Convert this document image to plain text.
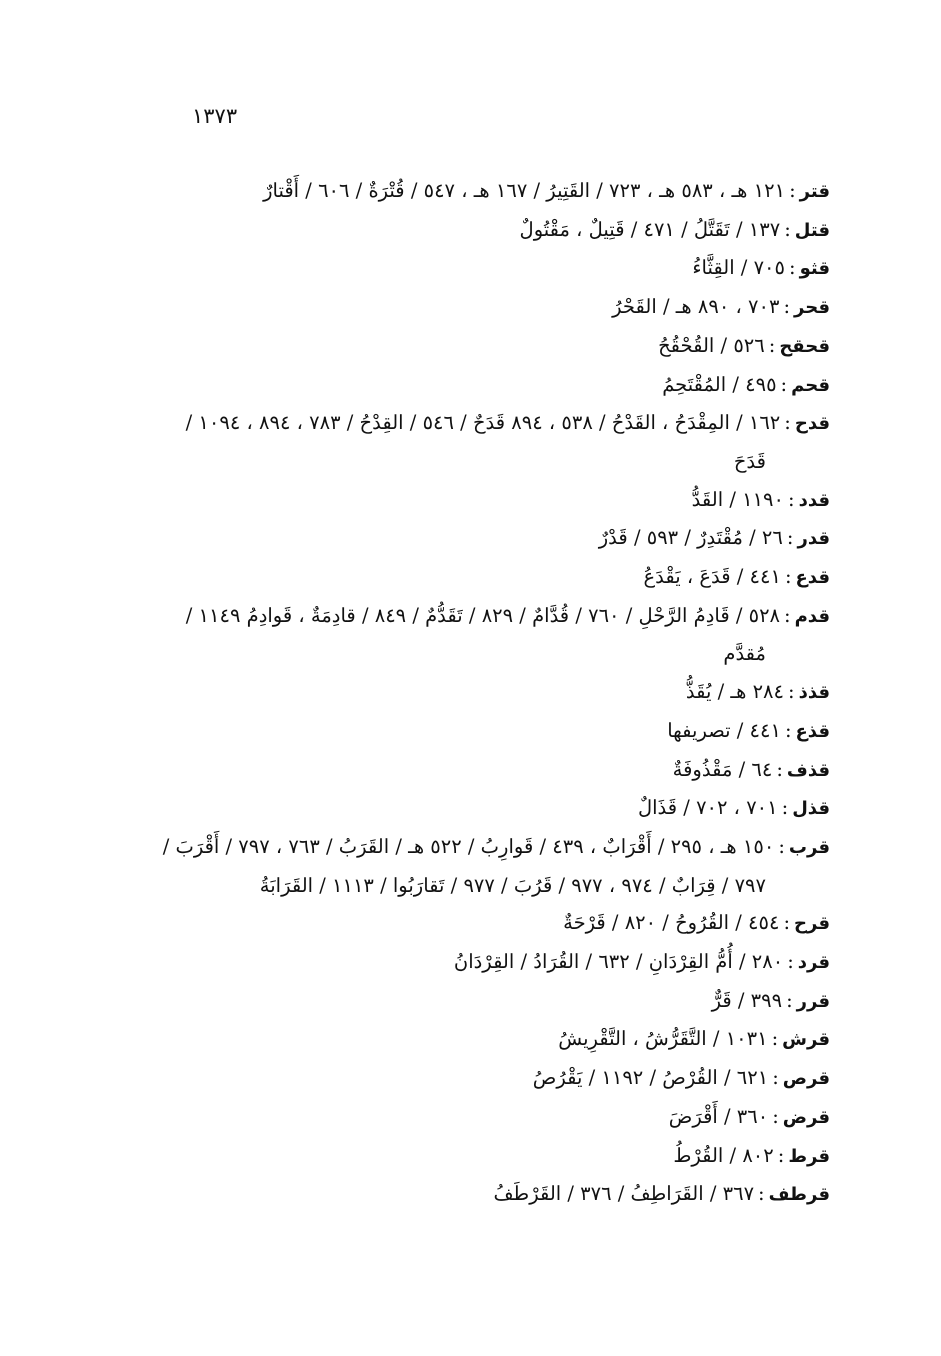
١٣٧٣
قتر:١٢١ هـ ، ٥٨٣ هـ ، ٧٢٣ / القَتِيرُ / ١٦٧ هـ ، ٥٤٧ / قُتْرَةٌ / ٦٠٦ / أَقْتارٌ
قتل:١٣٧ / تَقَتَّلُ / ٤٧١ / قَتِيلٌ ، مَقْتُولٌ
قثو:٧٠٥ / القِثَّاءُ
قحر:٧٠٣ ، ٨٩٠ هـ / القَحْرُ
قحقح:٥٢٦ / القُحْقُحُ
قحم:٤٩٥ / المُقْتَحِمُ
قدح:١٦٢ / المِقْدَحُ ، القَدْحُ / ٥٣٨ ، ٨٩٤ قَدَحٌ / ٥٤٦ / القِدْحُ / ٧٨٣ ، ٨٩٤ ، ١٠٩٤ / قَدَحَ
قدد:١١٩٠ / القَدُّ
قدر:٢٦ / مُقْتَدِرٌ / ٥٩٣ / قَدْرٌ
قدع:٤٤١ / قَدَعَ ، يَقْدَعُ
قدم:٥٢٨ / قَادِمُ الرَّحْلِ / ٧٦٠ / قُدَّامٌ / ٨٢٩ / تَقَدُّمٌ / ٨٤٩ / قادِمَةٌ ، قَوادِمُ ١١٤٩ / مُقدَّم
قذذ:٢٨٤ هـ / يُقَذُّ
قذع:٤٤١ / تصريفها
قذف:٦٤ / مَقْذُوفَةٌ
قذل:٧٠١ ، ٧٠٢ / قَذَالٌ
قرب:١٥٠ هـ ، ٢٩٥ / أَقْرَابٌ ، ٤٣٩ / قَوارِبُ / ٥٢٢ هـ / القَرَبُ / ٧٦٣ ، ٧٩٧ / أَقْرَبَ / ٧٩٧ / قِرَابٌ / ٩٧٤ ، ٩٧٧ / قَرُبَ / ٩٧٧ / تَقارَبُوا / ١١١٣ / القَرَابَةُ
قرح:٤٥٤ / القُرُوحُ / ٨٢٠ / قَرْحَةٌ
قرد:٢٨٠ / أُمُّ القِرْدَانِ / ٦٣٢ / القُرَادُ / القِرْدَانُ
قرر:٣٩٩ / قَرٌّ
قرش:١٠٣١ / التَّقَرُّشُ ، التَّقْرِيشُ
قرص:٦٢١ / القُرْصُ / ١١٩٢ / يَقْرُصُ
قرض:٣٦٠ / أَقْرَضَ
قرط:٨٠٢ / القُرْطُ
قرطف:٣٦٧ / القَرَاطِفُ / ٣٧٦ / القَرْطَفُ
